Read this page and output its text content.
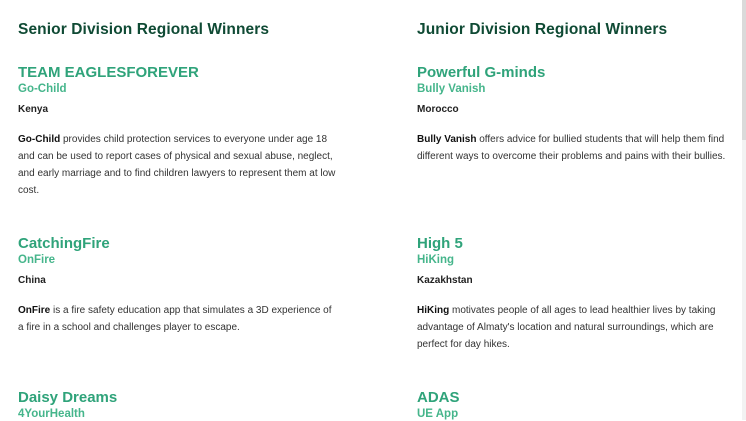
Senior Division Regional Winners
TEAM EAGLESFOREVER
Go-Child
Kenya

Go-Child provides child protection services to everyone under age 18 and can be used to report cases of physical and sexual abuse, neglect, and early marriage and to find children lawyers to represent them at low cost.

CatchingFire
OnFire
China

OnFire is a fire safety education app that simulates a 3D experience of a fire in a school and challenges player to escape.

Daisy Dreams
4YourHealth
Junior Division Regional Winners
Powerful G-minds
Bully Vanish
Morocco

Bully Vanish offers advice for bullied students that will help them find different ways to overcome their problems and pains with their bullies.

High 5
HiKing
Kazakhstan

HiKing motivates people of all ages to lead healthier lives by taking advantage of Almaty's location and natural surroundings, which are perfect for day hikes.

ADAS
UE App
